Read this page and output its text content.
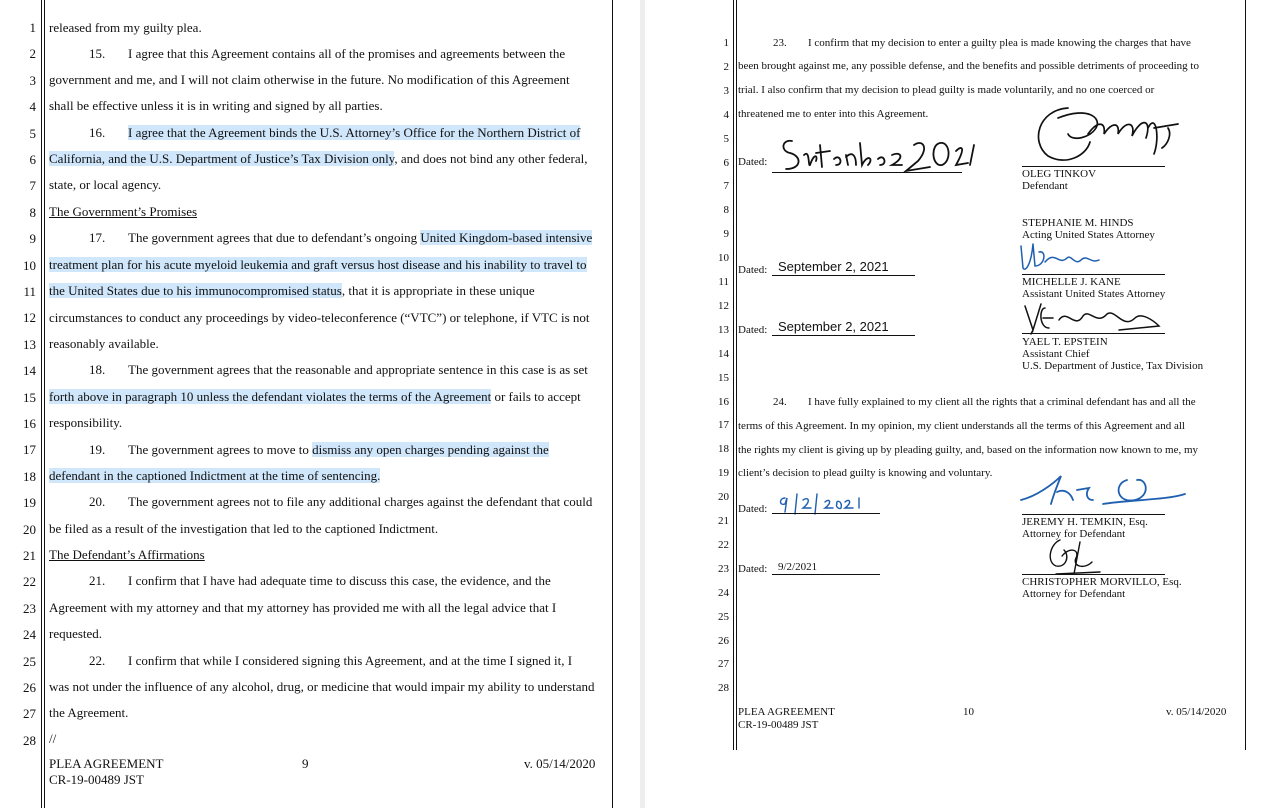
1
2
3
4
5
6
7
8
9
10
11
12
13
14
15
16
17
18
19
20
21
22
23
24
25
26
27
28
released from my guilty plea.
15. I agree that this Agreement contains all of the promises and agreements between the
government and me, and I will not claim otherwise in the future. No modification of this Agreement
shall be effective unless it is in writing and signed by all parties.
16. I agree that the Agreement binds the U.S. Attorney’s Office for the Northern District of
California, and the U.S. Department of Justice’s Tax Division only, and does not bind any other federal,
state, or local agency.
The Government’s Promises
17. The government agrees that due to defendant’s ongoing United Kingdom-based intensive
treatment plan for his acute myeloid leukemia and graft versus host disease and his inability to travel to
the United States due to his immunocompromised status, that it is appropriate in these unique
circumstances to conduct any proceedings by video-teleconference (“VTC”) or telephone, if VTC is not
reasonably available.
18. The government agrees that the reasonable and appropriate sentence in this case is as set
forth above in paragraph 10 unless the defendant violates the terms of the Agreement or fails to accept
responsibility.
19. The government agrees to move to dismiss any open charges pending against the
defendant in the captioned Indictment at the time of sentencing.
20. The government agrees not to file any additional charges against the defendant that could
be filed as a result of the investigation that led to the captioned Indictment.
The Defendant’s Affirmations
21. I confirm that I have had adequate time to discuss this case, the evidence, and the
Agreement with my attorney and that my attorney has provided me with all the legal advice that I
requested.
22. I confirm that while I considered signing this Agreement, and at the time I signed it, I
was not under the influence of any alcohol, drug, or medicine that would impair my ability to understand
the Agreement.
//
PLEA AGREEMENT
CR-19-00489 JST
9	v. 05/14/2020
1
2
3
4
5
6
7
8
9
10
11
12
13
14
15
16
17
18
19
20
21
22
23
24
25
26
27
28
23. I confirm that my decision to enter a guilty plea is made knowing the charges that have
been brought against me, any possible defense, and the benefits and possible detriments of proceeding to
trial. I also confirm that my decision to plead guilty is made voluntarily, and no one coerced or
threatened me to enter into this Agreement.
Dated:
OLEG TINKOV
Defendant
STEPHANIE M. HINDS
Acting United States Attorney
Dated: September 2, 2021
MICHELLE J. KANE
Assistant United States Attorney
Dated: September 2, 2021
YAEL T. EPSTEIN
Assistant Chief
U.S. Department of Justice, Tax Division
24. I have fully explained to my client all the rights that a criminal defendant has and all the
terms of this Agreement. In my opinion, my client understands all the terms of this Agreement and all
the rights my client is giving up by pleading guilty, and, based on the information now known to me, my
client’s decision to plead guilty is knowing and voluntary.
Dated:
JEREMY H. TEMKIN, Esq.
Attorney for Defendant
Dated: 9/2/2021
CHRISTOPHER MORVILLO, Esq.
Attorney for Defendant
PLEA AGREEMENT
CR-19-00489 JST
10	v. 05/14/2020
